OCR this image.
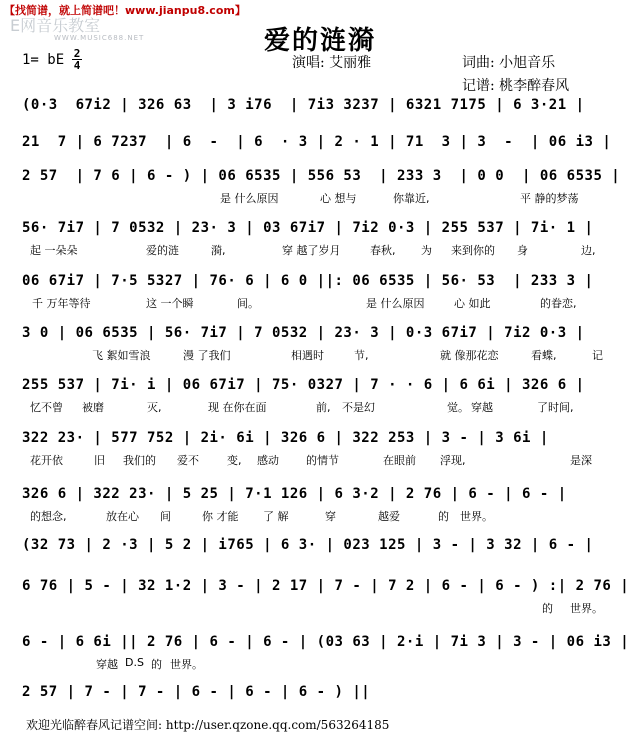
【找简谱，就上简谱吧！www.jianpu8.com】
E网音乐教室
WWW.MUSIC688.NET	爱的涟漪
1= bE 2
4	演唱: 艾丽雅	词曲: 小旭音乐
记谱: 桃李醉春风
(0·3  67i2 | 326 63  | 3 i76  | 7i3 3237 | 6321 7175 | 6 3·21 |
21  7 | 6 7237  | 6  -  | 6  · 3 | 2 · 1 | 71  3 | 3  -  | 06 i3 |
2 57  | 7 6 | 6 - ) | 06 6535 | 556 53  | 233 3  | 0 0  | 06 6535 |
是 什么原因	心 想与	你靠近,	平 静的梦荡
56· 7i7 | 7 0532 | 23· 3 | 03 67i7 | 7i2 0·3 | 255 537 | 7i· 1 |
起 一朵朵	爱的涟	漪,	穿 越了岁月	春秋, 为 来到你的 身	边,
06 67i7 | 7·5 5327 | 76· 6 | 6 0 ||: 06 6535 | 56· 53  | 233 3 |
千 万年等待	这 一个瞬	间。	是 什么原因	心 如此	的眷恋,
3 0 | 06 6535 | 56· 7i7 | 7 0532 | 23· 3 | 0·3 67i7 | 7i2 0·3 |
飞 絮如雪浪	漫 了我们	相遇时	节,	就 像那花恋	看蝶,	记
255 537 | 7i· i | 06 67i7 | 75· 0327 | 7 · · 6 | 6 6i | 326 6 |
忆不曾 被磨	灭,	现 在你在面	前, 不是幻	觉。 穿越	了时间,
322 23· | 577 752 | 2i· 6i | 326 6 | 322 253 | 3 - | 3 6i |
花开依	旧 我们的 爱不	变, 感动 的情节	在眼前 浮现,	是深
326 6 | 322 23· | 5 25 | 7·1 126 | 6 3·2 | 2 76 | 6 - | 6 - |
的想念,	放在心 间	你 才能 了 解	穿	越爱	的 世界。
(32 73 | 2 ·3 | 5 2 | i765 | 6 3· | 023 125 | 3 - | 3 32 | 6 - |
6 76 | 5 - | 32 1·2 | 3 - | 2 17 | 7 - | 7 2 | 6 - | 6 - ) :| 2 76 |
的 世界。
6 - | 6 6i || 2 76 | 6 - | 6 - | (03 63 | 2·i | 7i 3 | 3 - | 06 i3 |
穿越 D.S 的 世界。
2 57 | 7 - | 7 - | 6 - | 6 - | 6 - ) ||
欢迎光临醉春风记谱空间: http://user.qzone.qq.com/563264185
